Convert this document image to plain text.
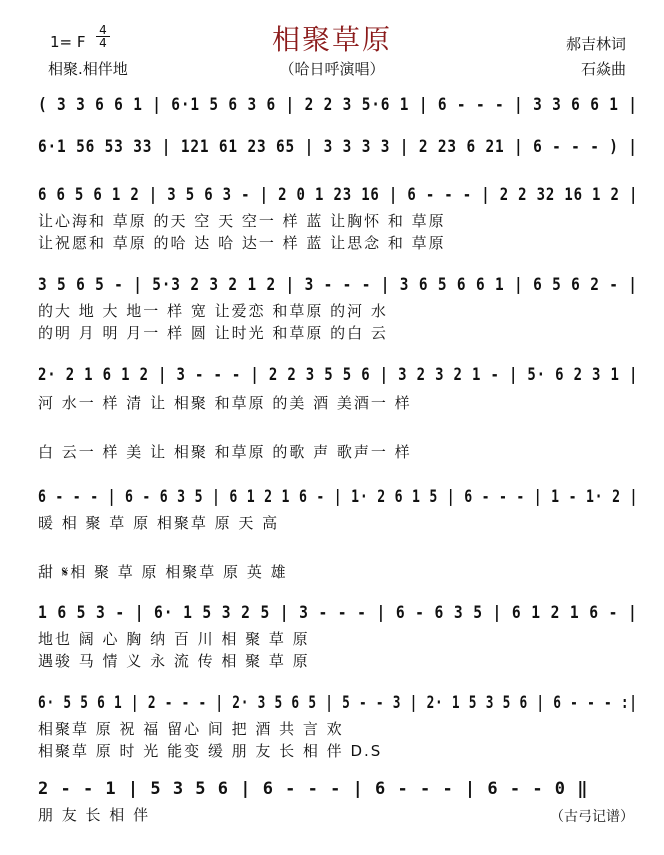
相聚草原
1= F
4
4	郝吉林词
相聚.相伴地	（哈日呼演唱）	石焱曲
( 3 3 6 6 1 | 6·1 5 6 3 6 | 2 2 3 5·6 1 | 6 - - - | 3 3 6 6 1 |
6·1 56 53 33 | 121 61 23 65 | 3 3 3 3 | 2 23 6 21 | 6 - - - ) |
6 6 5 6 1 2 | 3 5 6 3 - | 2 0 1 23 16 | 6 - - - | 2 2 32 16 1 2 |
让心海和 草原 的天 空 天 空一 样 蓝 让胸怀 和 草原
让祝愿和 草原 的哈 达 哈 达一 样 蓝 让思念 和 草原
3 5 6 5 - | 5·3 2 3 2 1 2 | 3 - - - | 3 6 5 6 6 1 | 6 5 6 2 - |
的大 地 大 地一 样 宽 让爱恋 和草原 的河 水
的明 月 明 月一 样 圆 让时光 和草原 的白 云
2· 2 1 6 1 2 | 3 - - - | 2 2 3 5 5 6 | 3 2 3 2 1 - | 5· 6 2 3 1 |
河 水一 样 清 让 相聚 和草原 的美 酒 美酒一 样
白 云一 样 美 让 相聚 和草原 的歌 声 歌声一 样
6 - - - | 6 - 6 3 5 | 6 1 2 1 6 - | 1· 2 6 1 5 | 6 - - - | 1 - 1· 2 |
暖 相 聚 草 原 相聚草 原 天 高
甜 𝄋相 聚 草 原 相聚草 原 英 雄
1 6 5 3 - | 6· 1 5 3 2 5 | 3 - - - | 6 - 6 3 5 | 6 1 2 1 6 - |
地也 阔 心 胸 纳 百 川 相 聚 草 原
遇骏 马 情 义 永 流 传 相 聚 草 原
6· 5 5 6 1 | 2 - - - | 2· 3 5 6 5 | 5 - - 3 | 2· 1 5 3 5 6 | 6 - - - :|
相聚草 原 祝 福 留心 间 把 酒 共 言 欢
相聚草 原 时 光 能变 缓 朋 友 长 相 伴 D.S
2 - - 1 | 5 3 5 6 | 6 - - - | 6 - - - | 6 - - 0 ‖
朋 友 长 相 伴	（古弓记谱）
